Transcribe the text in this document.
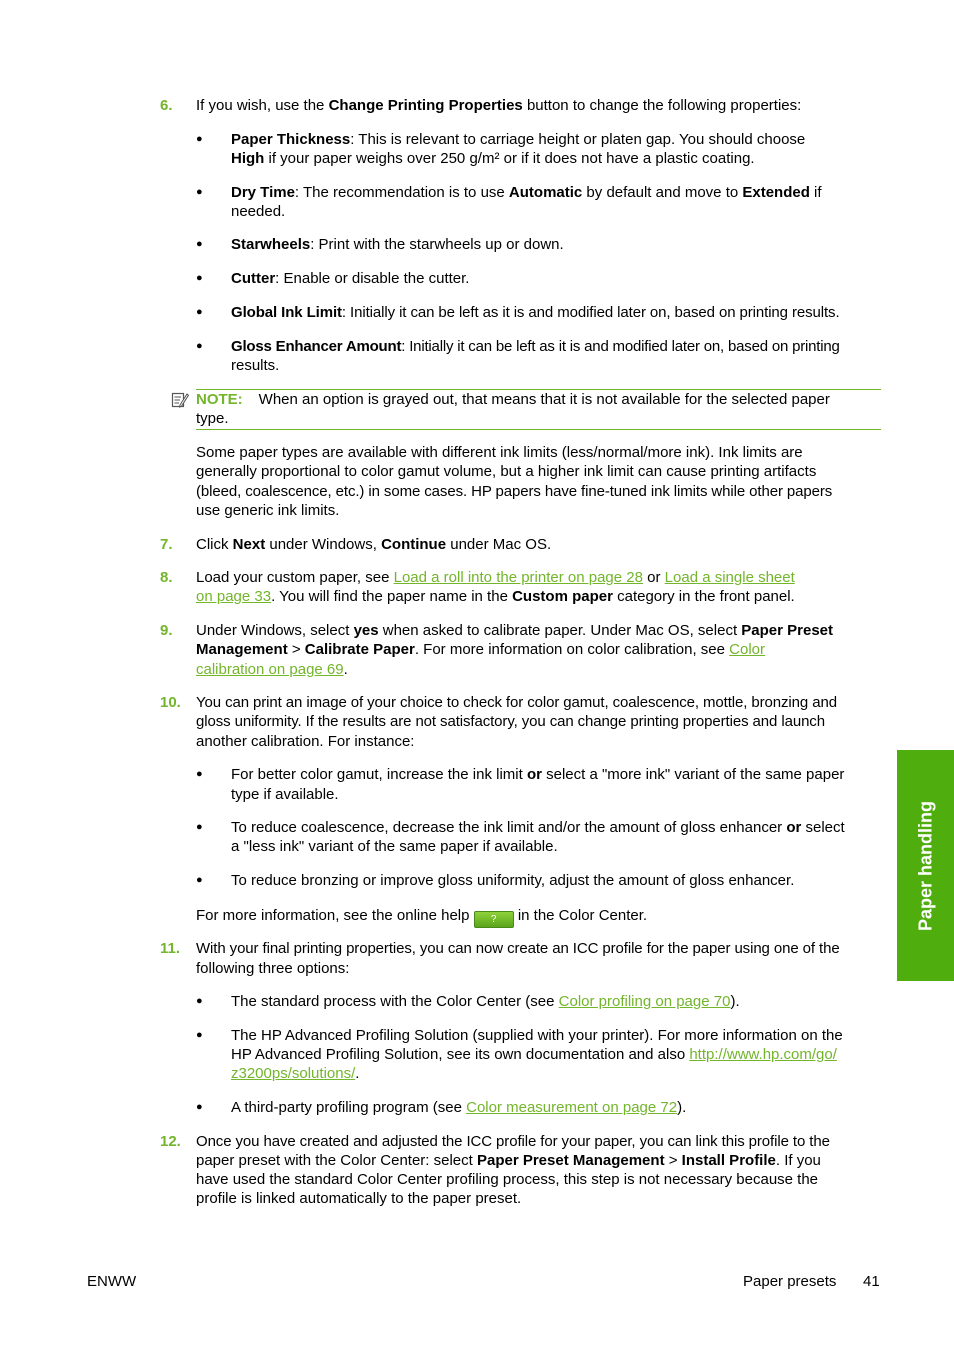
6. If you wish, use the Change Printing Properties button to change the following properties:
● Paper Thickness: This is relevant to carriage height or platen gap. You should choose
High if your paper weighs over 250 g/m² or if it does not have a plastic coating.
● Dry Time: The recommendation is to use Automatic by default and move to Extended if
needed.
● Starwheels: Print with the starwheels up or down.
● Cutter: Enable or disable the cutter.
● Global Ink Limit: Initially it can be left as it is and modified later on, based on printing results.
● Gloss Enhancer Amount: Initially it can be left as it is and modified later on, based on printing
results.
NOTE: When an option is grayed out, that means that it is not available for the selected paper
type.
Some paper types are available with different ink limits (less/normal/more ink). Ink limits are
generally proportional to color gamut volume, but a higher ink limit can cause printing artifacts
(bleed, coalescence, etc.) in some cases. HP papers have fine-tuned ink limits while other papers
use generic ink limits.
7. Click Next under Windows, Continue under Mac OS.
8. Load your custom paper, see Load a roll into the printer on page 28 or Load a single sheet
on page 33. You will find the paper name in the Custom paper category in the front panel.
9. Under Windows, select yes when asked to calibrate paper. Under Mac OS, select Paper Preset
Management > Calibrate Paper. For more information on color calibration, see Color
calibration on page 69.
10. You can print an image of your choice to check for color gamut, coalescence, mottle, bronzing and
gloss uniformity. If the results are not satisfactory, you can change printing properties and launch
another calibration. For instance:
● For better color gamut, increase the ink limit or select a "more ink" variant of the same paper
type if available.
● To reduce coalescence, decrease the ink limit and/or the amount of gloss enhancer or select
a "less ink" variant of the same paper if available.
● To reduce bronzing or improve gloss uniformity, adjust the amount of gloss enhancer.
For more information, see the online help ? in the Color Center.
11. With your final printing properties, you can now create an ICC profile for the paper using one of the
following three options:
● The standard process with the Color Center (see Color profiling on page 70).
● The HP Advanced Profiling Solution (supplied with your printer). For more information on the
HP Advanced Profiling Solution, see its own documentation and also http://www.hp.com/go/
z3200ps/solutions/.
● A third-party profiling program (see Color measurement on page 72).
12. Once you have created and adjusted the ICC profile for your paper, you can link this profile to the
paper preset with the Color Center: select Paper Preset Management > Install Profile. If you
have used the standard Color Center profiling process, this step is not necessary because the
profile is linked automatically to the paper preset.
Paper handling
ENWW	Paper presets 41
